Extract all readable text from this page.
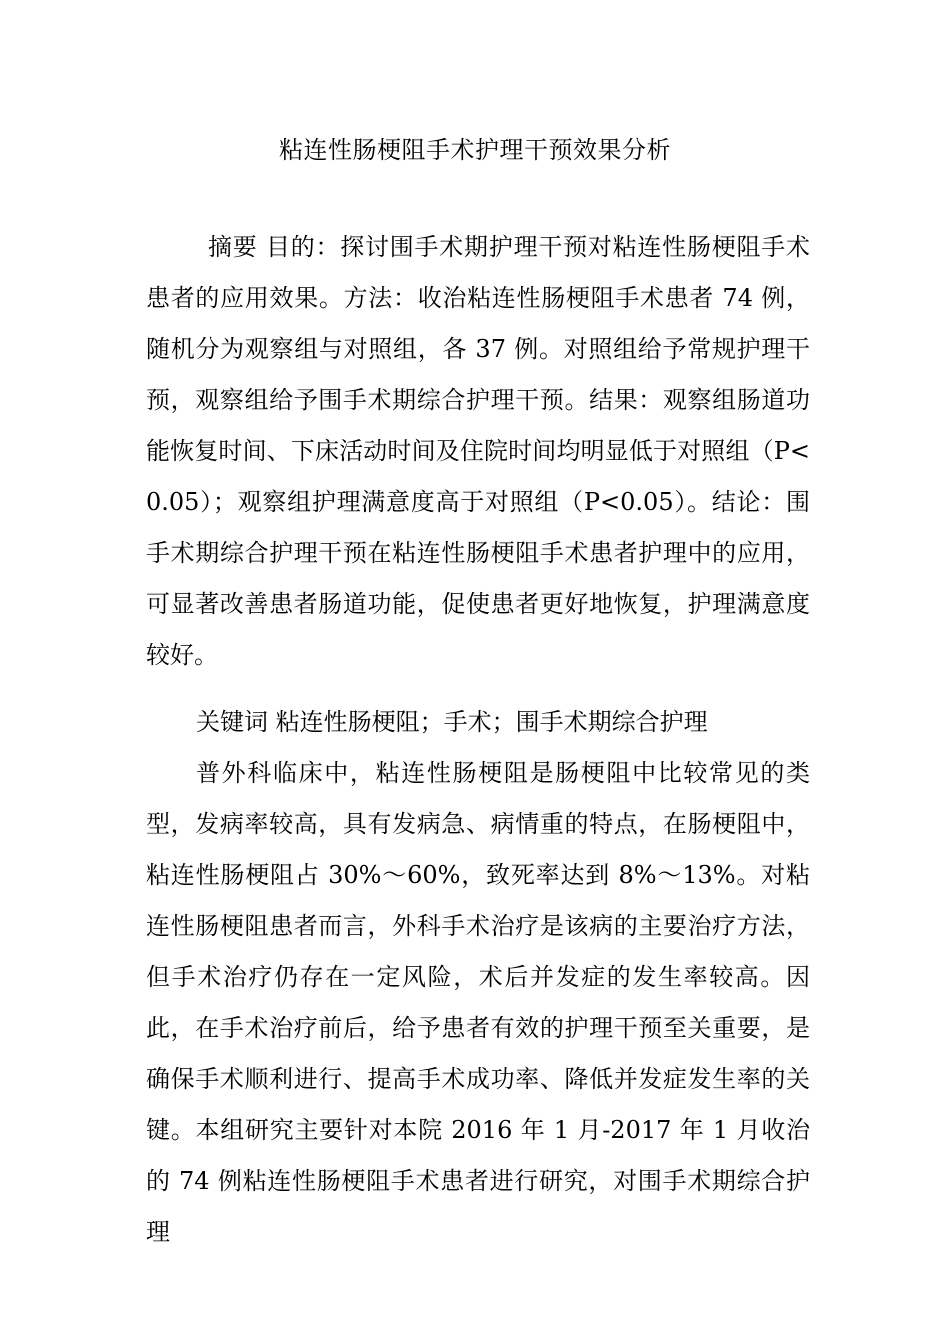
粘连性肠梗阻手术护理干预效果分析
摘要 目的：探讨围手术期护理干预对粘连性肠梗阻手术患者的应用效果。方法：收治粘连性肠梗阻手术患者 74 例，随机分为观察组与对照组，各 37 例。对照组给予常规护理干预，观察组给予围手术期综合护理干预。结果：观察组肠道功能恢复时间、下床活动时间及住院时间均明显低于对照组（P<0.05）；观察组护理满意度高于对照组（P<0.05）。结论：围手术期综合护理干预在粘连性肠梗阻手术患者护理中的应用，可显著改善患者肠道功能，促使患者更好地恢复，护理满意度较好。
关键词 粘连性肠梗阻；手术；围手术期综合护理
普外科临床中，粘连性肠梗阻是肠梗阻中比较常见的类型，发病率较高，具有发病急、病情重的特点，在肠梗阻中，粘连性肠梗阻占 30%～60%，致死率达到 8%～13%。对粘连性肠梗阻患者而言，外科手术治疗是该病的主要治疗方法，但手术治疗仍存在一定风险，术后并发症的发生率较高。因此，在手术治疗前后，给予患者有效的护理干预至关重要，是确保手术顺利进行、提高手术成功率、降低并发症发生率的关键。本组研究主要针对本院 2016 年 1 月-2017 年 1 月收治的 74 例粘连性肠梗阻手术患者进行研究，对围手术期综合护理
